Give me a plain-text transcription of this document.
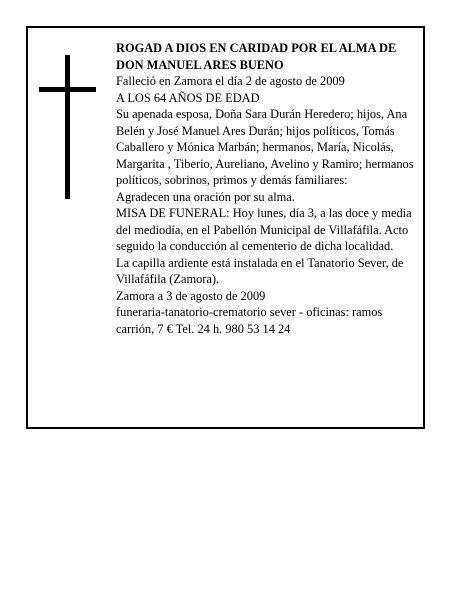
ROGAD A DIOS EN CARIDAD POR EL ALMA DE DON MANUEL ARES BUENO

Falleció en Zamora el día 2 de agosto de 2009

A LOS 64 AÑOS DE EDAD

Su apenada esposa, Doña Sara Durán Heredero; hijos, Ana Belén y José Manuel Ares Durán; hijos políticos, Tomás Caballero y Mónica Marbán; hermanos, María, Nicolás, Margarita , Tiberio, Aureliano, Avelino y Ramiro; hermanos políticos, sobrinos, primos y demás familiares:

Agradecen una oración por su alma.

MISA DE FUNERAL: Hoy lunes, día 3, a las doce y media del mediodía, en el Pabellón Municipal de Villafáfila. Acto seguido la conducción al cementerio de dicha localidad.

La capilla ardiente está instalada en el Tanatorio Sever, de Villafáfila (Zamora).

Zamora a 3 de agosto de 2009

funeraria-tanatorio-crematorio sever - oficinas: ramos carrión, 7 € Tel. 24 h. 980 53 14 24
